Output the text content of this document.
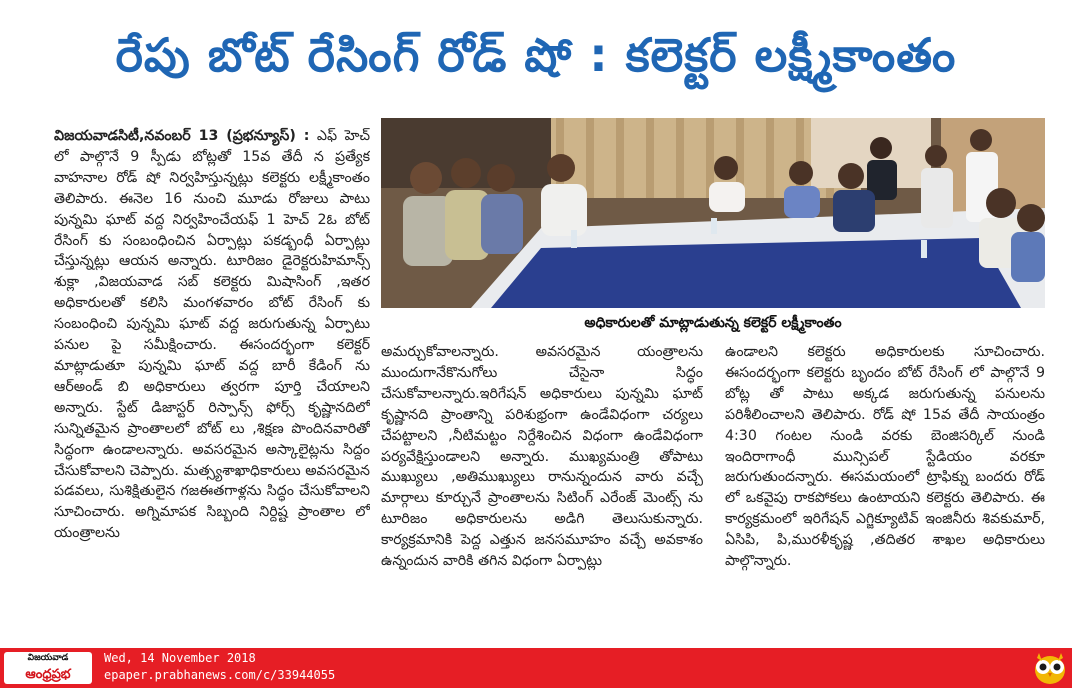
రేపు బోట్ రేసింగ్ రోడ్ షో : కలెక్టర్ లక్ష్మీకాంతం
విజయవాడసిటీ,నవంబర్ 13 (ప్రభన్యూస్) : ఎఫ్ హెచ్ లో పాల్గొనే 9 స్పీడు బోట్లతో 15వ తేదీ న ప్రత్యేక వాహనాల రోడ్ షో నిర్వహిస్తున్నట్లు కలెక్టరు లక్ష్మీకాంతం తెలిపారు. ఈనెల 16 నుంచి మూడు రోజులు పాటు పున్నమి ఘాట్ వద్ద నిర్వహించేయఫ్ 1 హెచ్ 2ఓ బోట్ రేసింగ్ కు సంబంధించిన ఏర్పాట్లు పకడ్బంధీ ఏర్పాట్లు చేస్తున్నట్లు ఆయన అన్నారు. టూరిజం డైరెక్టరుహిమాన్స్ శుక్లా ,విజయవాడ సబ్ కలెక్టరు మిషాసింగ్ ,ఇతర అధికారులతో కలిసి మంగళవారం బోట్ రేసింగ్ కు సంబంధించి పున్నమి ఘాట్ వద్ద జరుగుతున్న ఏర్పాటు పనుల పై సమీక్షించారు. ఈసందర్భంగా కలెక్టర్ మాట్లాడుతూ పున్నమి ఘాట్ వద్ద బారీ కేడింగ్ ను ఆర్అండ్ బి అధికారులు త్వరగా పూర్తి చేయాలని అన్నారు. స్టేట్ డిజాస్టర్ రిస్పాన్స్ ఫోర్స్ కృష్ణానదిలో సున్నితమైన ప్రాంతాలలో బోట్ లు ,శిక్షణ పొందినవారితో సిద్ధంగా ఉండాలన్నారు. అవసరమైన అస్కాలైట్లను సిద్దం చేసుకోవాలని చెప్పారు. మత్స్యశాఖాధికారులు అవసరమైన పడవలు, సుశిక్షితులైన గజఈతగాళ్లను సిద్ధం చేసుకోవాలని సూచించారు. అగ్నిమాపక సిబ్బంది నిర్దిష్ట ప్రాంతాల లో యంత్రాలను
అధికారులతో మాట్లాడుతున్న కలెక్టర్ లక్ష్మీకాంతం
అమర్చుకోవాలన్నారు. అవసరమైన యంత్రాలను ముందుగానేకొనుగోలు చేసైనా సిద్ధం చేసుకోవాలన్నారు.ఇరిగేషన్ అధికారులు పున్నమి ఘాట్ కృష్ణానది ప్రాంతాన్ని పరిశుభ్రంగా ఉండేవిధంగా చర్యలు చేపట్టాలని ,నీటిమట్టం నిర్దేశించిన విధంగా ఉండేవిధంగా పర్యవేక్షిస్తుండాలని అన్నారు. ముఖ్యమంత్రి తోపాటు ముఖ్యులు ,అతిముఖ్యులు రానున్నందున వారు వచ్చే మార్గాలు కూర్చునే ప్రాంతాలను సిటింగ్ ఎరేంజ్ మెంట్స్ ను టూరిజం అధికారులను అడిగి తెలుసుకున్నారు. కార్యక్రమానికి పెద్ద ఎత్తున జనసమూహం వచ్చే అవకాశం ఉన్నందున వారికి తగిన విధంగా ఏర్పాట్లు
ఉండాలని కలెక్టరు అధికారులకు సూచించారు. ఈసందర్భంగా కలెక్టరు బృందం బోట్ రేసింగ్ లో పాల్గొనే 9 బోట్ల తో పాటు అక్కడ జరుగుతున్న పనులను పరిశీలించాలని తెలిపారు. రోడ్ షో 15వ తేదీ సాయంత్రం 4:30 గంటల నుండి వరకు బెంజిసర్కిల్ నుండి ఇందిరాగాంధీ మున్సిపల్ స్టేడియం వరకూ జరుగుతుందన్నారు. ఈసమయంలో ట్రాఫిక్ను బందరు రోడ్ లో ఒకవైపు రాకపోకలు ఉంటాయని కలెక్టరు తెలిపారు. ఈ కార్యక్రమంలో ఇరిగేషన్ ఎగ్జిక్యూటివ్ ఇంజినీరు శివకుమార్, ఏసిపి, పి,మురళీకృష్ణ ,తదితర శాఖల అధికారులు పాల్గొన్నారు.
విజయవాడ
ఆంధ్రప్రభ
Wed, 14 November 2018
epaper.prabhanews.com/c/33944055
